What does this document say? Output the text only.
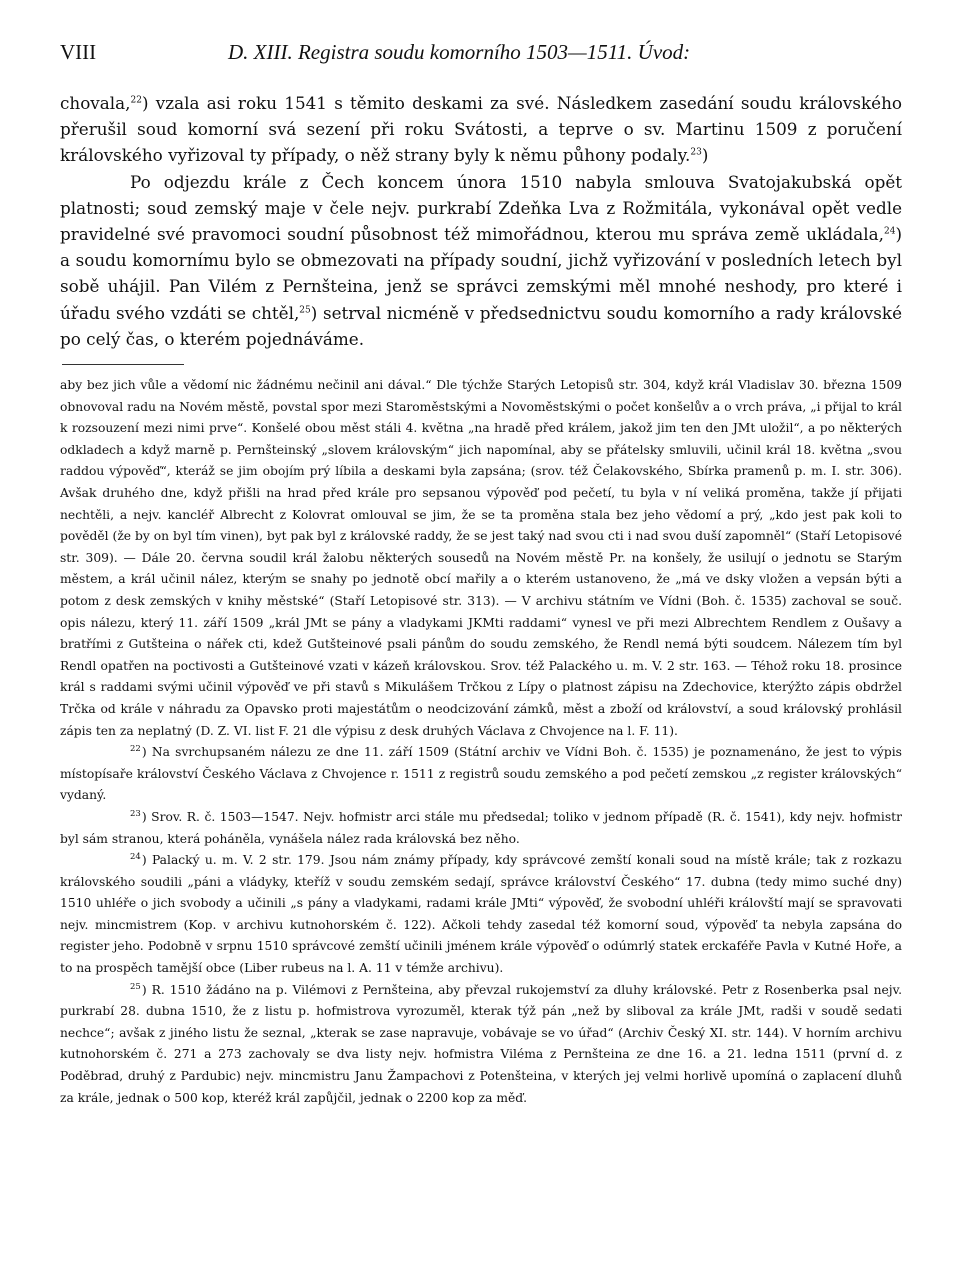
VIII	D. XIII. Registra soudu komorního 1503—1511. Úvod:

chovala,$^{22}$) vzala asi roku 1541 s těmito deskami za své. Následkem zasedání soudu královského přerušil soud komorní svá sezení při roku Svátosti, a teprve o sv. Martinu 1509 z poručení královského vyřizoval ty případy, o něž strany byly k němu půhony podaly.$^{23}$)

Po odjezdu krále z Čech koncem února 1510 nabyla smlouva Svatojakubská opět platnosti; soud zemský maje v čele nejv. purkrabí Zdeňka Lva z Rožmitála, vykonával opět vedle pravidelné své pravomoci soudní působnost též mimořádnou, kterou mu správa země ukládala,$^{24}$) a soudu komornímu bylo se obmezovati na případy soudní, jichž vyřizování v posledních letech byl sobě uhájil. Pan Vilém z Pernšteina, jenž se správci zemskými měl mnohé neshody, pro které i úřadu svého vzdáti se chtěl,$^{25}$) setrval nicméně v předsednictvu soudu komorního a rady královské po celý čas, o kterém pojednáváme.

aby bez jich vůle a vědomí nic žádnému nečinil ani dával.“ Dle týchže Starých Letopisů str. 304, když král Vladislav 30. března 1509 obnovoval radu na Novém městě, povstal spor mezi Staroměstskými a Novoměstskými o počet konšelův a o vrch práva, „i přijal to král k rozsouzení mezi nimi prve“. Konšelé obou měst stáli 4. května „na hradě před králem, jakož jim ten den JMt uložil“, a po některých odkladech a když marně p. Pernšteinský „slovem královským“ jich napomínal, aby se přátelsky smluvili, učinil král 18. května „svou raddou výpověď“, kteráž se jim obojím prý líbila a deskami byla zapsána; (srov. též Čelakovského, Sbírka pramenů p. m. I. str. 306). Avšak druhého dne, když přišli na hrad před krále pro sepsanou výpověď pod pečetí, tu byla v ní veliká proměna, takže jí přijati nechtěli, a nejv. kancléř Albrecht z Kolovrat omlouval se jim, že se ta proměna stala bez jeho vědomí a prý, „kdo jest pak koli to pověděl (že by on byl tím vinen), byt pak byl z královské raddy, že se jest taký nad svou cti i nad svou duší zapomněl“ (Staří Letopisové str. 309). — Dále 20. června soudil král žalobu některých sousedů na Novém městě Pr. na konšely, že usilují o jednotu se Starým městem, a král učinil nález, kterým se snahy po jednotě obcí mařily a o kterém ustanoveno, že „má ve dsky vložen a vepsán býti a potom z desk zemských v knihy městské“ (Staří Letopisové str. 313). — V archivu státním ve Vídni (Boh. č. 1535) zachoval se souč. opis nálezu, který 11. září 1509 „král JMt se pány a vladykami JKMti raddami“ vynesl ve při mezi Albrechtem Rendlem z Oušavy a bratřími z Gutšteina o nářek cti, kdež Gutšteinové psali pánům do soudu zemského, že Rendl nemá býti soudcem. Nálezem tím byl Rendl opatřen na poctivosti a Gutšteinové vzati v kázeň královskou. Srov. též Palackého u. m. V. 2 str. 163. — Téhož roku 18. prosince král s raddami svými učinil výpověď ve při stavů s Mikulášem Trčkou z Lípy o platnost zápisu na Zdechovice, kterýžto zápis obdržel Trčka od krále v náhradu za Opavsko proti majestátům o neodcizování zámků, měst a zboží od království, a soud královský prohlásil zápis ten za neplatný (D. Z. VI. list F. 21 dle výpisu z desk druhých Václava z Chvojence na l. F. 11).

$^{22}$) Na svrchupsaném nálezu ze dne 11. září 1509 (Státní archiv ve Vídni Boh. č. 1535) je poznamenáno, že jest to výpis místopísaře království Českého Václava z Chvojence r. 1511 z registrů soudu zemského a pod pečetí zemskou „z register královských“ vydaný.

$^{23}$) Srov. R. č. 1503—1547. Nejv. hofmistr arci stále mu předsedal; toliko v jednom případě (R. č. 1541), kdy nejv. hofmistr byl sám stranou, která poháněla, vynášela nález rada královská bez něho.

$^{24}$) Palacký u. m. V. 2 str. 179. Jsou nám známy případy, kdy správcové zemští konali soud na místě krále; tak z rozkazu královského soudili „páni a vládyky, kteříž v soudu zemském sedají, správce království Českého“ 17. dubna (tedy mimo suché dny) 1510 uhléře o jich svobody a učinili „s pány a vladykami, radami krále JMti“ výpověď, že svobodní uhléři královští mají se spravovati nejv. mincmistrem (Kop. v archivu kutnohorském č. 122). Ačkoli tehdy zasedal též komorní soud, výpověď ta nebyla zapsána do register jeho. Podobně v srpnu 1510 správcové zemští učinili jménem krále výpověď o odúmrlý statek erckaféře Pavla v Kutné Hoře, a to na prospěch tamější obce (Liber rubeus na l. A. 11 v témže archivu).

$^{25}$) R. 1510 žádáno na p. Vilémovi z Pernšteina, aby převzal rukojemství za dluhy královské. Petr z Rosenberka psal nejv. purkrabí 28. dubna 1510, že z listu p. hofmistrova vyrozuměl, kterak týž pán „než by sliboval za krále JMt, radši v soudě sedati nechce“; avšak z jiného listu že seznal, „kterak se zase napravuje, vobávaje se vo úřad“ (Archiv Český XI. str. 144). V horním archivu kutnohorském č. 271 a 273 zachovaly se dva listy nejv. hofmistra Viléma z Pernšteina ze dne 16. a 21. ledna 1511 (první d. z Poděbrad, druhý z Pardubic) nejv. mincmistru Janu Žampachovi z Potenšteina, v kterých jej velmi horlivě upomíná o zaplacení dluhů za krále, jednak o 500 kop, kteréž král zapůjčil, jednak o 2200 kop za měď.
